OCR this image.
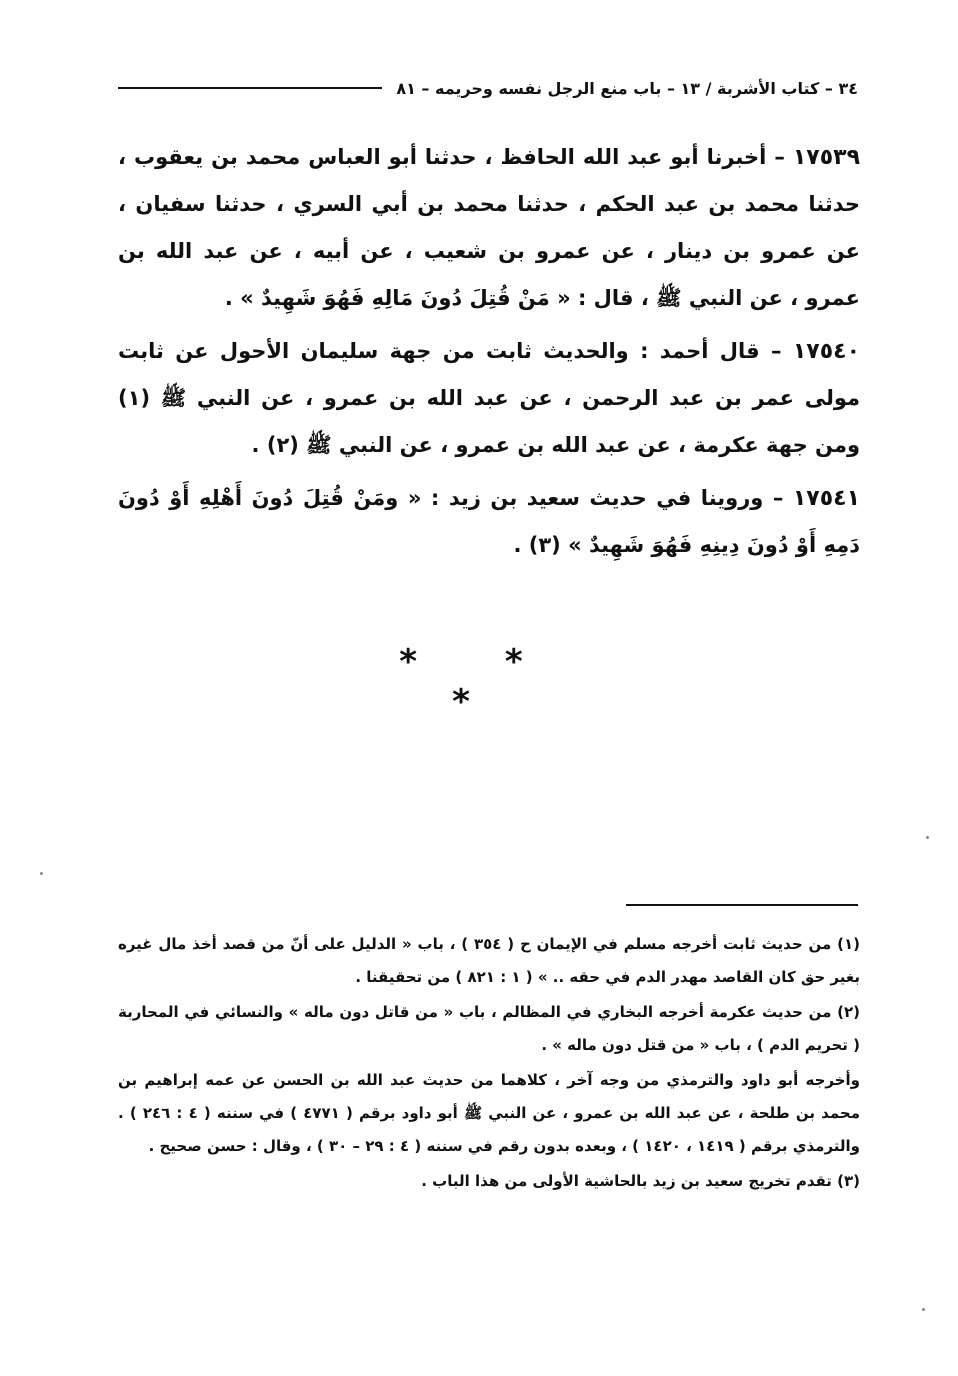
٣٤ – كتاب الأشربة / ١٣ – باب منع الرجل نفسه وحريمه – ٨١

١٧٥٣٩ – أخبرنا أبو عبد الله الحافظ ، حدثنا أبو العباس محمد بن يعقوب ، حدثنا محمد بن عبد الحكم ، حدثنا محمد بن أبي السري ، حدثنا سفيان ، عن عمرو بن دينار ، عن عمرو بن شعيب ، عن أبيه ، عن عبد الله بن عمرو ، عن النبي ﷺ ، قال : « مَنْ قُتِلَ دُونَ مَالِهِ فَهُوَ شَهِيدٌ » .

١٧٥٤٠ – قال أحمد : والحديث ثابت من جهة سليمان الأحول عن ثابت مولى عمر بن عبد الرحمن ، عن عبد الله بن عمرو ، عن النبي ﷺ (١) ومن جهة عكرمة ، عن عبد الله بن عمرو ، عن النبي ﷺ (٢) .

١٧٥٤١ – وروينا في حديث سعيد بن زيد : « ومَنْ قُتِلَ دُونَ أَهْلِهِ أَوْ دُونَ دَمِهِ أَوْ دُونَ دِينِهِ فَهُوَ شَهِيدٌ » (٣) .

* * *

(١) من حديث ثابت أخرجه مسلم في الإيمان ح ( ٣٥٤ ) ، باب « الدليل على أنّ من قصد أخذ مال غيره بغير حق كان القاصد مهدر الدم في حقه .. » ( ١ : ٨٢١ ) من تحقيقنا .

(٢) من حديث عكرمة أخرجه البخاري في المظالم ، باب « من قاتل دون ماله » والنسائي في المحاربة ( تحريم الدم ) ، باب « من قتل دون ماله » .

وأخرجه أبو داود والترمذي من وجه آخر ، كلاهما من حديث عبد الله بن الحسن عن عمه إبراهيم بن محمد بن طلحة ، عن عبد الله بن عمرو ، عن النبي ﷺ أبو داود برقم ( ٤٧٧١ ) في سننه ( ٤ : ٢٤٦ ) . والترمذي برقم ( ١٤١٩ ، ١٤٢٠ ) ، وبعده بدون رقم في سننه ( ٤ : ٢٩ – ٣٠ ) ، وقال : حسن صحيح .

(٣) تقدم تخريج سعيد بن زيد بالحاشية الأولى من هذا الباب .
